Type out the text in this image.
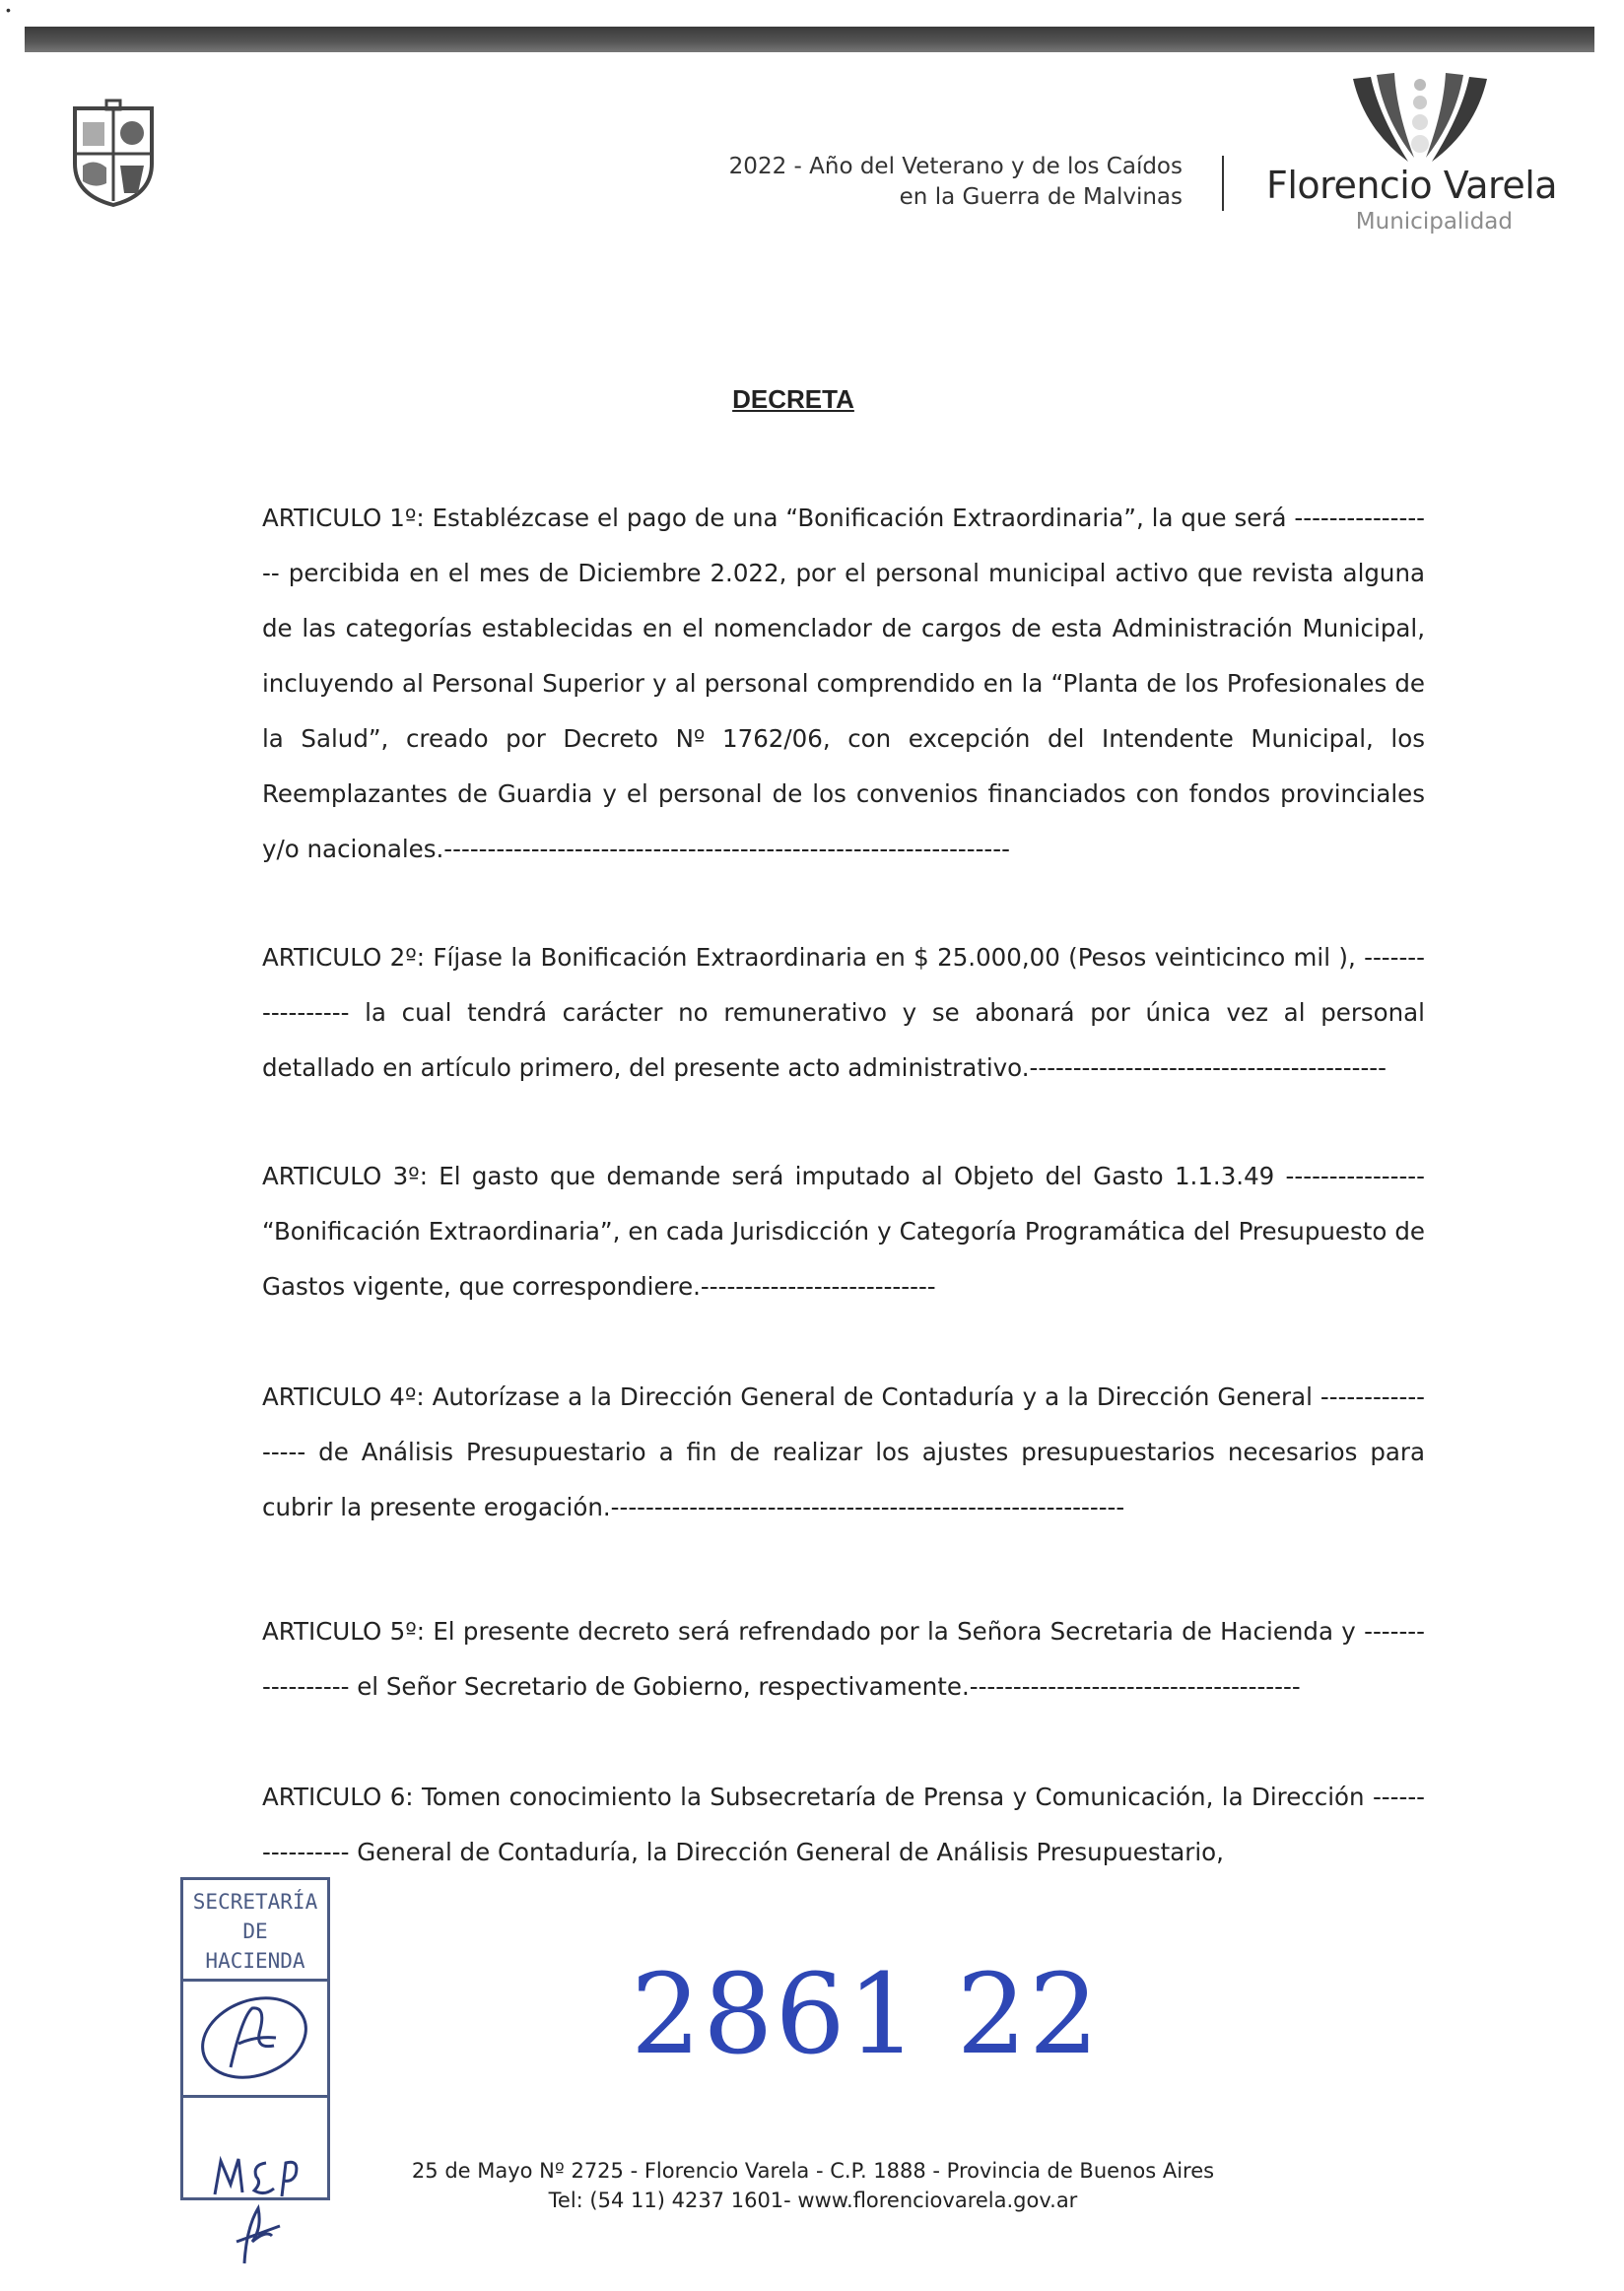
•
2022 - Año del Veterano y de los Caídos
en la Guerra de Malvinas Florencio Varela
Municipalidad
DECRETA
ARTICULO 1º: Establézcase el pago de una “Bonificación Extraordinaria”, la que será ----------------- percibida en el mes de Diciembre 2.022, por el personal municipal activo que revista alguna de las categorías establecidas en el nomenclador de cargos de esta Administración Municipal, incluyendo al Personal Superior y al personal comprendido en la “Planta de los Profesionales de la Salud”, creado por Decreto Nº 1762/06, con excepción del Intendente Municipal, los Reemplazantes de Guardia y el personal de los convenios financiados con fondos provinciales y/o nacionales.-----------------------------------------------------------------
ARTICULO 2º: Fíjase la Bonificación Extraordinaria en $ 25.000,00 (Pesos veinticinco mil ), ----------------- la cual tendrá carácter no remunerativo y se abonará por única vez al personal detallado en artículo primero, del presente acto administrativo.-----------------------------------------
ARTICULO 3º: El gasto que demande será imputado al Objeto del Gasto 1.1.3.49 ---------------- “Bonificación Extraordinaria”, en cada Jurisdicción y Categoría Programática del Presupuesto de Gastos vigente, que correspondiere.---------------------------
ARTICULO 4º: Autorízase a la Dirección General de Contaduría y a la Dirección General ----------------- de Análisis Presupuestario a fin de realizar los ajustes presupuestarios necesarios para cubrir la presente erogación.-----------------------------------------------------------
ARTICULO 5º: El presente decreto será refrendado por la Señora Secretaria de Hacienda y ----------------- el Señor Secretario de Gobierno, respectivamente.--------------------------------------
ARTICULO 6: Tomen conocimiento la Subsecretaría de Prensa y Comunicación, la Dirección ---------------- General de Contaduría, la Dirección General de Análisis Presupuestario,
SECRETARÍA
DE
HACIENDA	2861 22
25 de Mayo Nº 2725 - Florencio Varela - C.P. 1888 - Provincia de Buenos Aires
Tel: (54 11) 4237 1601- www.florenciovarela.gov.ar
